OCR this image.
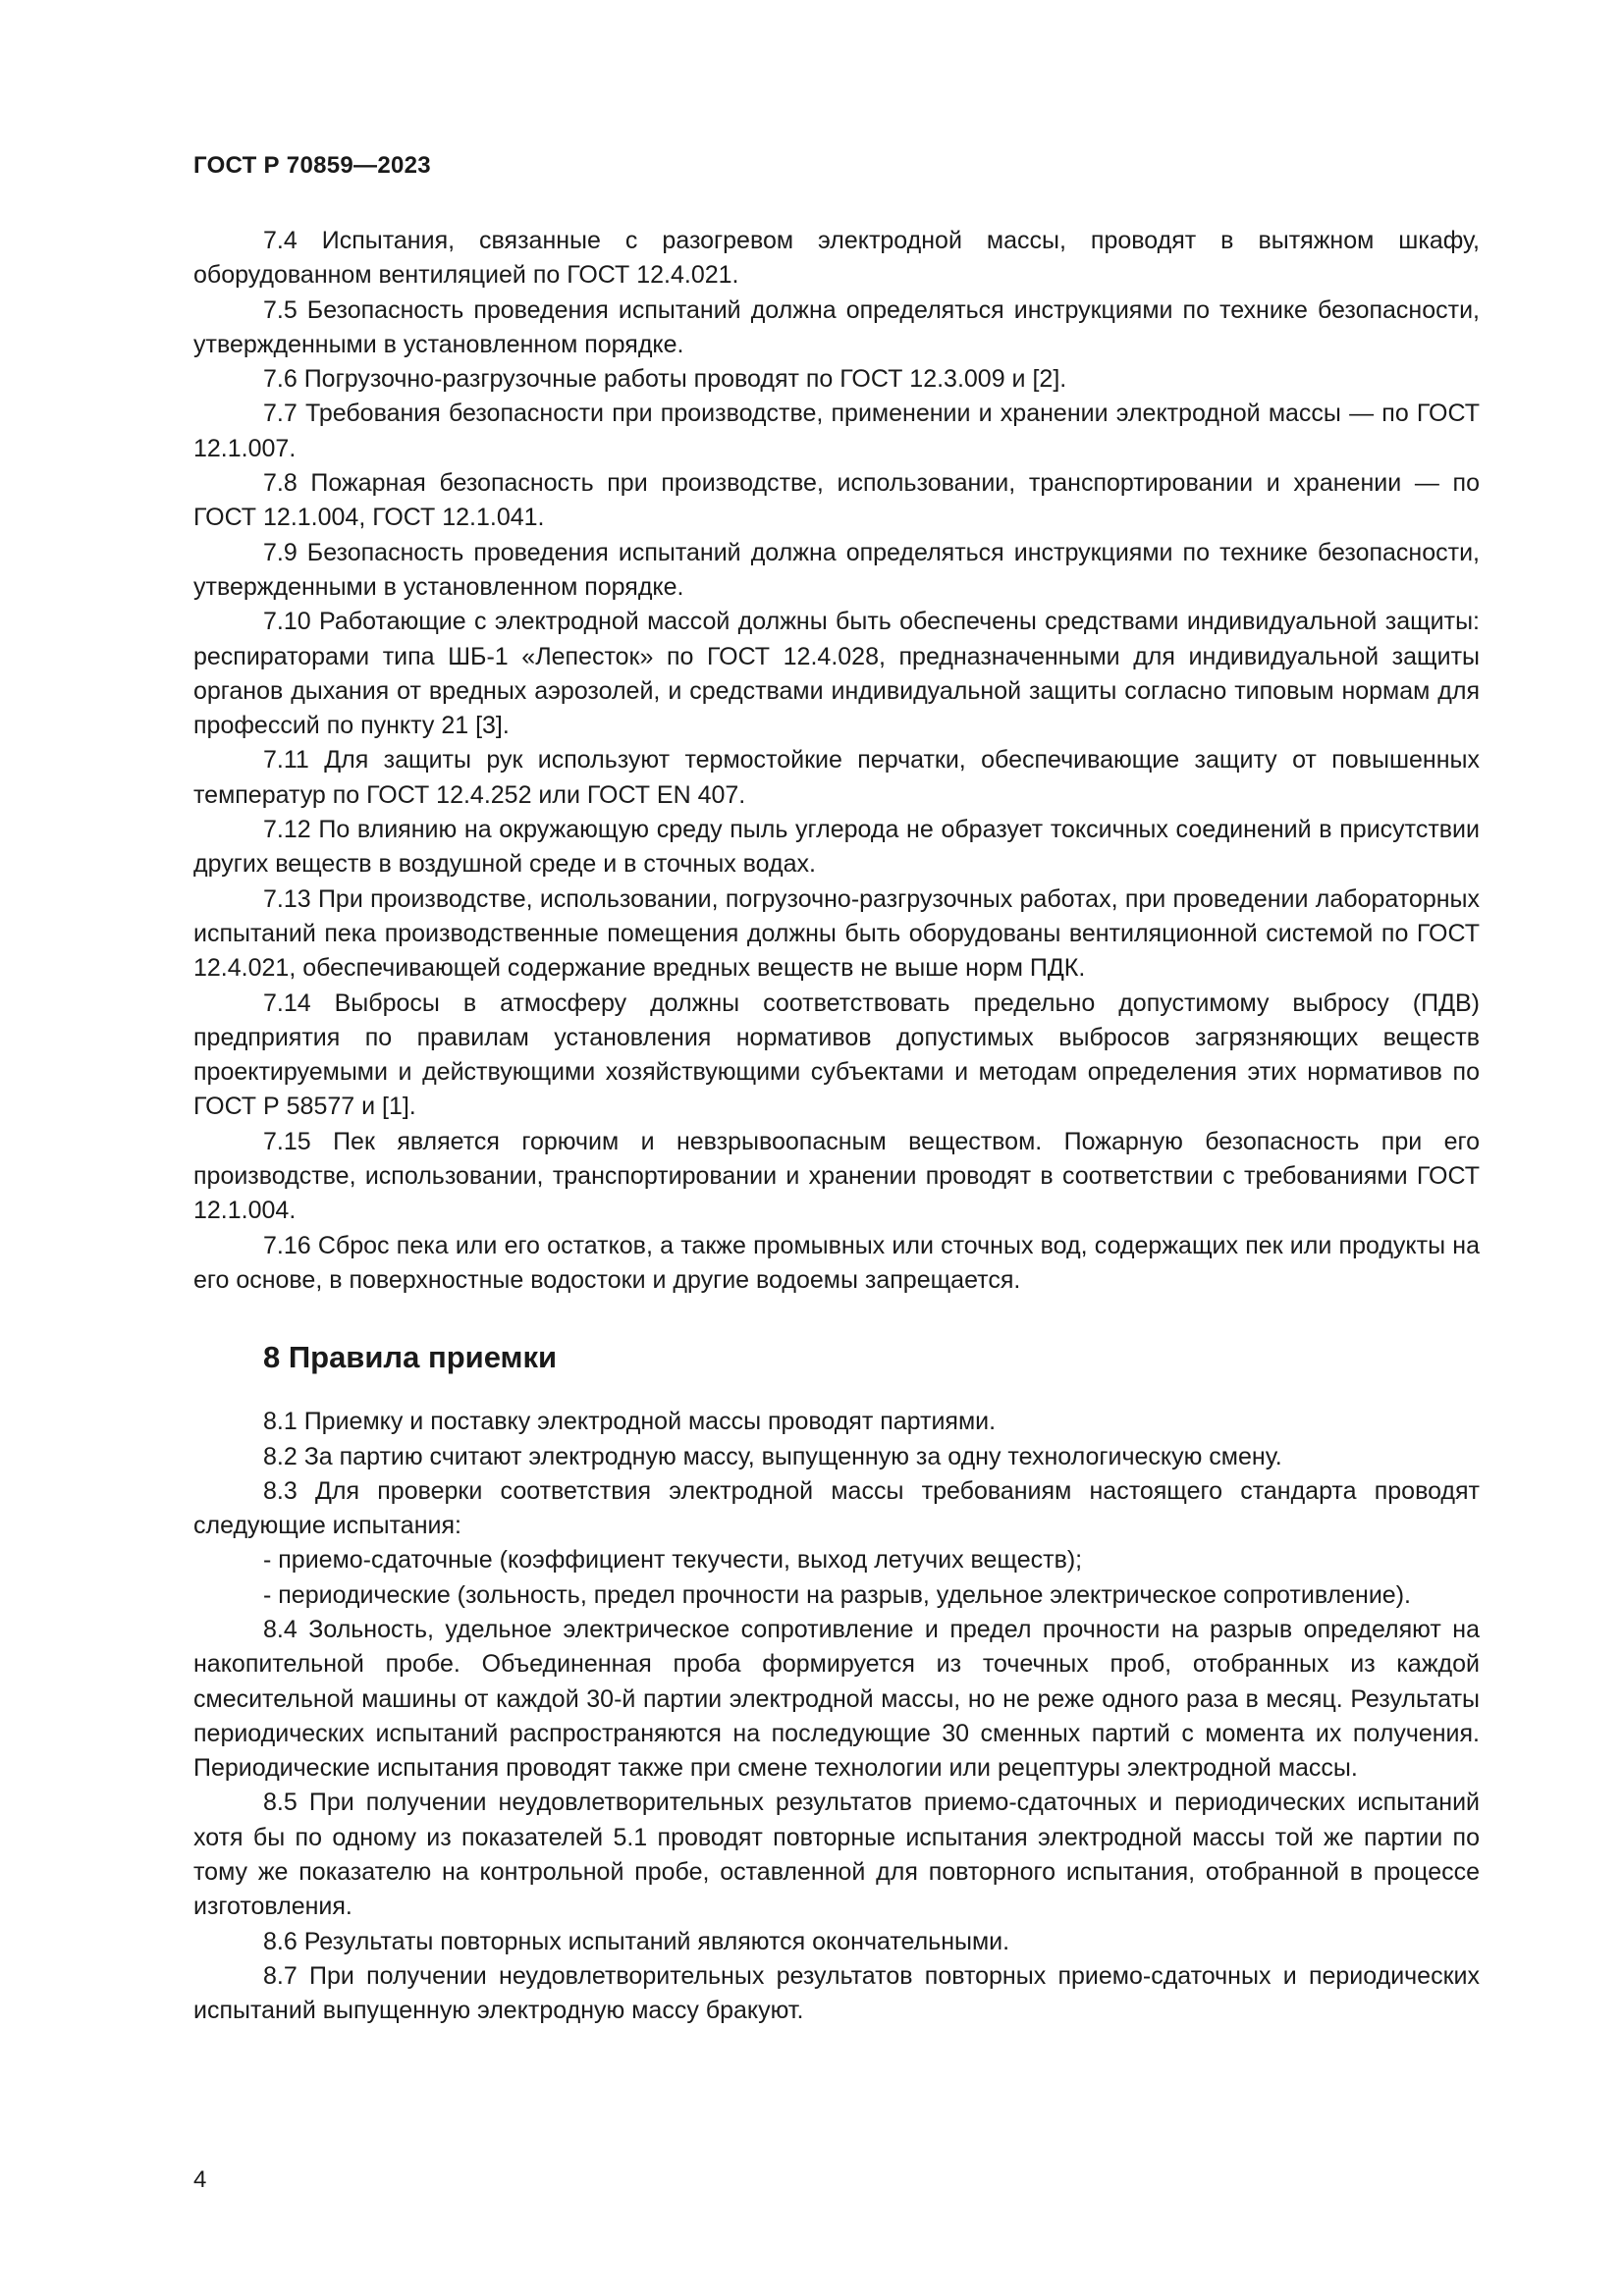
ГОСТ Р 70859—2023

7.4 Испытания, связанные с разогревом электродной массы, проводят в вытяжном шкафу, оборудованном вентиляцией по ГОСТ 12.4.021.

7.5 Безопасность проведения испытаний должна определяться инструкциями по технике безопасности, утвержденными в установленном порядке.

7.6 Погрузочно-разгрузочные работы проводят по ГОСТ 12.3.009 и [2].

7.7 Требования безопасности при производстве, применении и хранении электродной массы — по ГОСТ 12.1.007.

7.8 Пожарная безопасность при производстве, использовании, транспортировании и хранении — по ГОСТ 12.1.004, ГОСТ 12.1.041.

7.9 Безопасность проведения испытаний должна определяться инструкциями по технике безопасности, утвержденными в установленном порядке.

7.10 Работающие с электродной массой должны быть обеспечены средствами индивидуальной защиты: респираторами типа ШБ-1 «Лепесток» по ГОСТ 12.4.028, предназначенными для индивидуальной защиты органов дыхания от вредных аэрозолей, и средствами индивидуальной защиты согласно типовым нормам для профессий по пункту 21 [3].

7.11 Для защиты рук используют термостойкие перчатки, обеспечивающие защиту от повышенных температур по ГОСТ 12.4.252 или ГОСТ EN 407.

7.12 По влиянию на окружающую среду пыль углерода не образует токсичных соединений в присутствии других веществ в воздушной среде и в сточных водах.

7.13 При производстве, использовании, погрузочно-разгрузочных работах, при проведении лабораторных испытаний пека производственные помещения должны быть оборудованы вентиляционной системой по ГОСТ 12.4.021, обеспечивающей содержание вредных веществ не выше норм ПДК.

7.14 Выбросы в атмосферу должны соответствовать предельно допустимому выбросу (ПДВ) предприятия по правилам установления нормативов допустимых выбросов загрязняющих веществ проектируемыми и действующими хозяйствующими субъектами и методам определения этих нормативов по ГОСТ Р 58577 и [1].

7.15 Пек является горючим и невзрывоопасным веществом. Пожарную безопасность при его производстве, использовании, транспортировании и хранении проводят в соответствии с требованиями ГОСТ 12.1.004.

7.16 Сброс пека или его остатков, а также промывных или сточных вод, содержащих пек или продукты на его основе, в поверхностные водостоки и другие водоемы запрещается.

8 Правила приемки

8.1 Приемку и поставку электродной массы проводят партиями.

8.2 За партию считают электродную массу, выпущенную за одну технологическую смену.

8.3 Для проверки соответствия электродной массы требованиям настоящего стандарта проводят следующие испытания:

- приемо-сдаточные (коэффициент текучести, выход летучих веществ);

- периодические (зольность, предел прочности на разрыв, удельное электрическое сопротивление).

8.4 Зольность, удельное электрическое сопротивление и предел прочности на разрыв определяют на накопительной пробе. Объединенная проба формируется из точечных проб, отобранных из каждой смесительной машины от каждой 30-й партии электродной массы, но не реже одного раза в месяц. Результаты периодических испытаний распространяются на последующие 30 сменных партий с момента их получения. Периодические испытания проводят также при смене технологии или рецептуры электродной массы.

8.5 При получении неудовлетворительных результатов приемо-сдаточных и периодических испытаний хотя бы по одному из показателей 5.1 проводят повторные испытания электродной массы той же партии по тому же показателю на контрольной пробе, оставленной для повторного испытания, отобранной в процессе изготовления.

8.6 Результаты повторных испытаний являются окончательными.

8.7 При получении неудовлетворительных результатов повторных приемо-сдаточных и периодических испытаний выпущенную электродную массу бракуют.

4
